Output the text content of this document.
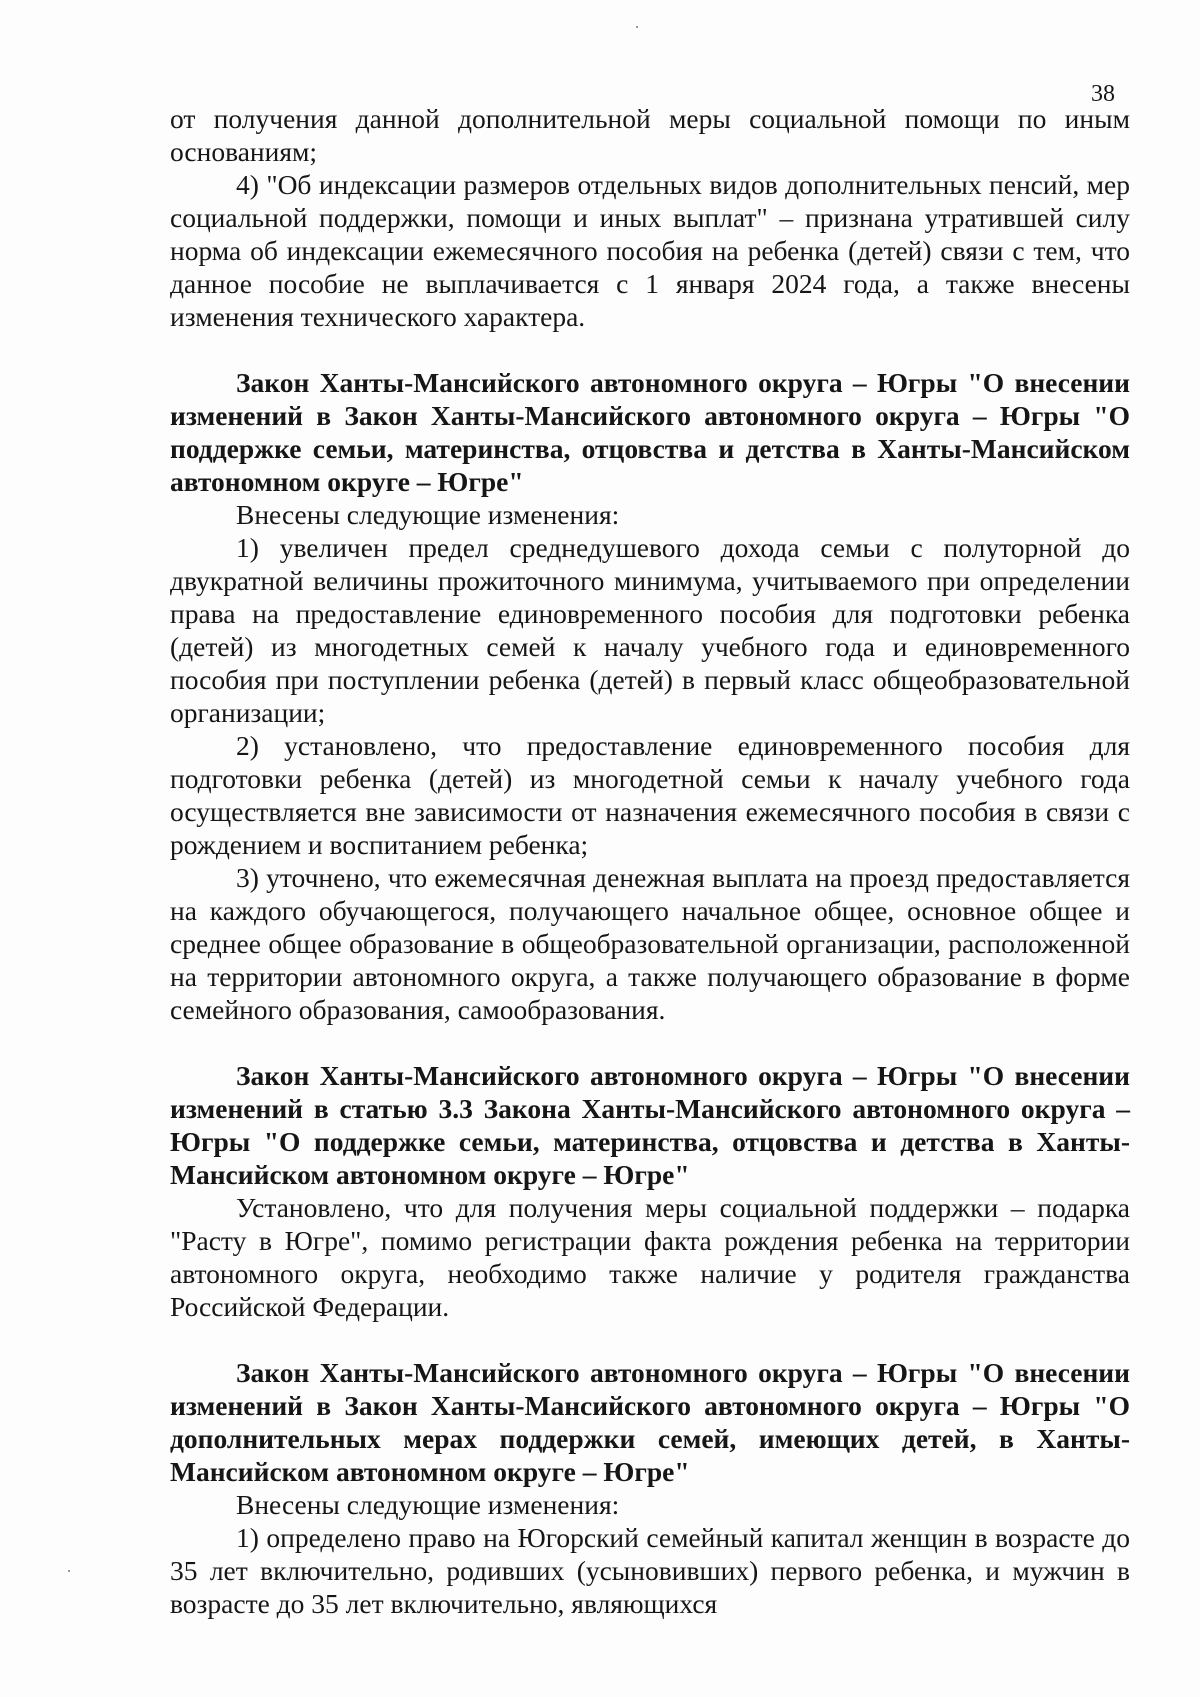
38

от получения данной дополнительной меры социальной помощи по иным основаниям;

4) "Об индексации размеров отдельных видов дополнительных пенсий, мер социальной поддержки, помощи и иных выплат" – признана утратившей силу норма об индексации ежемесячного пособия на ребенка (детей) связи с тем, что данное пособие не выплачивается с 1 января 2024 года, а также внесены изменения технического характера.

Закон Ханты-Мансийского автономного округа – Югры "О внесении изменений в Закон Ханты-Мансийского автономного округа – Югры "О поддержке семьи, материнства, отцовства и детства в Ханты-Мансийском автономном округе – Югре"

Внесены следующие изменения:

1) увеличен предел среднедушевого дохода семьи с полуторной до двукратной величины прожиточного минимума, учитываемого при определении права на предоставление единовременного пособия для подготовки ребенка (детей) из многодетных семей к началу учебного года и единовременного пособия при поступлении ребенка (детей) в первый класс общеобразовательной организации;

2) установлено, что предоставление единовременного пособия для подготовки ребенка (детей) из многодетной семьи к началу учебного года осуществляется вне зависимости от назначения ежемесячного пособия в связи с рождением и воспитанием ребенка;

3) уточнено, что ежемесячная денежная выплата на проезд предоставляется на каждого обучающегося, получающего начальное общее, основное общее и среднее общее образование в общеобразовательной организации, расположенной на территории автономного округа, а также получающего образование в форме семейного образования, самообразования.

Закон Ханты-Мансийского автономного округа – Югры "О внесении изменений в статью 3.3 Закона Ханты-Мансийского автономного округа – Югры "О поддержке семьи, материнства, отцовства и детства в Ханты-Мансийском автономном округе – Югре"

Установлено, что для получения меры социальной поддержки – подарка "Расту в Югре", помимо регистрации факта рождения ребенка на территории автономного округа, необходимо также наличие у родителя гражданства Российской Федерации.

Закон Ханты-Мансийского автономного округа – Югры "О внесении изменений в Закон Ханты-Мансийского автономного округа – Югры "О дополнительных мерах поддержки семей, имеющих детей, в Ханты-Мансийском автономном округе – Югре"

Внесены следующие изменения:

1) определено право на Югорский семейный капитал женщин в возрасте до 35 лет включительно, родивших (усыновивших) первого ребенка, и мужчин в возрасте до 35 лет включительно, являющихся
